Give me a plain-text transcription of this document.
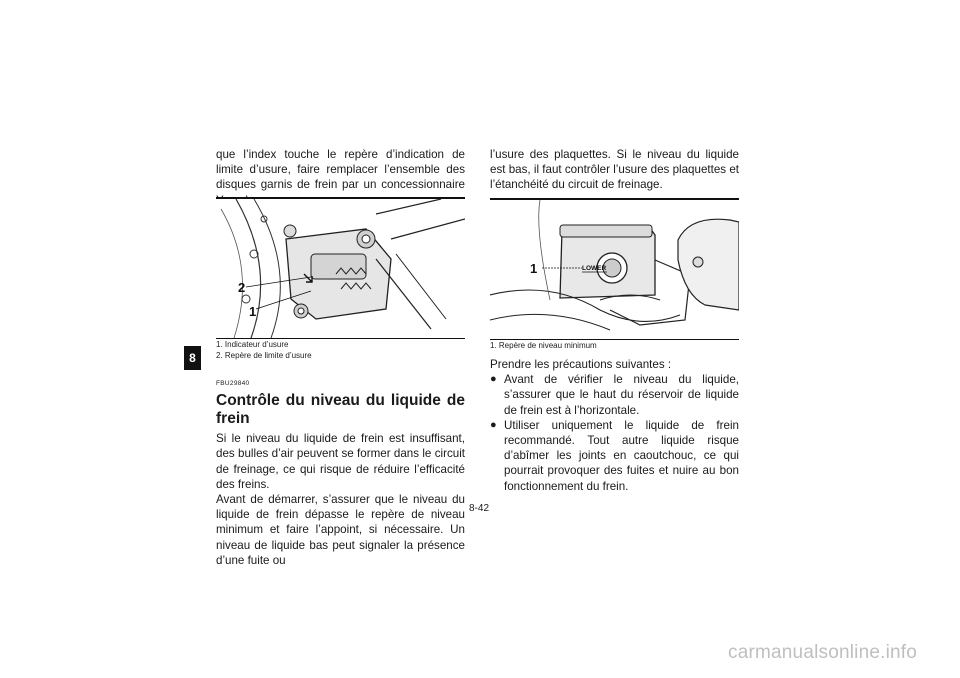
8
que l’index touche le repère d’indication de limite d’usure, faire remplacer l’ensemble des disques garnis de frein par un concessionnaire
2
1
1. Indicateur d’usure
2. Repère de limite d’usure
FBU29840
Contrôle du niveau du liquide de frein

Si le niveau du liquide de frein est insuffisant, des bulles d’air peuvent se former dans le circuit de freinage, ce qui risque de réduire l’efficacité des freins.

Avant de démarrer, s’assurer que le niveau du liquide de frein dépasse le repère de niveau minimum et faire l’appoint, si nécessaire. Un niveau de liquide bas peut signaler la présence d’une fuite ou

l’usure des plaquettes. Si le niveau du liquide est bas, il faut contrôler l’usure des plaquettes et l’étanchéité du circuit de freinage.
LOWER
1
1. Repère de niveau minimum

Prendre les précautions suivantes :

● Avant de vérifier le niveau du liquide, s’assurer que le haut du réservoir de liquide de frein est à l’horizontale.
● Utiliser uniquement le liquide de frein recommandé. Tout autre liquide risque d’abîmer les joints en caoutchouc, ce qui pourrait provoquer des fuites et nuire au bon fonctionnement du frein.
8-42
carmanualsonline.info
